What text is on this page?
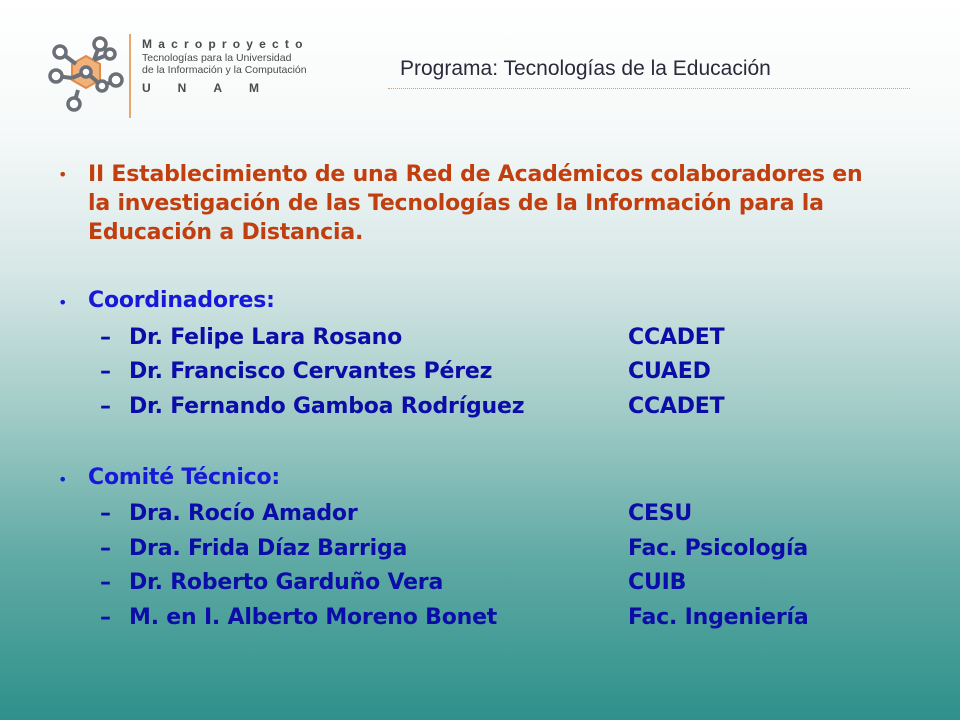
Macroproyecto
Tecnologías para la Universidad
de la Información y la Computación
UNAM
Programa: Tecnologías de la Educación
• II Establecimiento de una Red de Académicos colaboradores en la investigación de las Tecnologías de la Información para la Educación a Distancia.
• Coordinadores:
– Dr. Felipe Lara Rosano	CCADET
– Dr. Francisco Cervantes Pérez	CUAED
– Dr. Fernando Gamboa Rodríguez	CCADET
• Comité Técnico:
– Dra. Rocío Amador	CESU
– Dra. Frida Díaz Barriga	Fac. Psicología
– Dr. Roberto Garduño Vera	CUIB
– M. en I. Alberto Moreno Bonet	Fac. Ingeniería
